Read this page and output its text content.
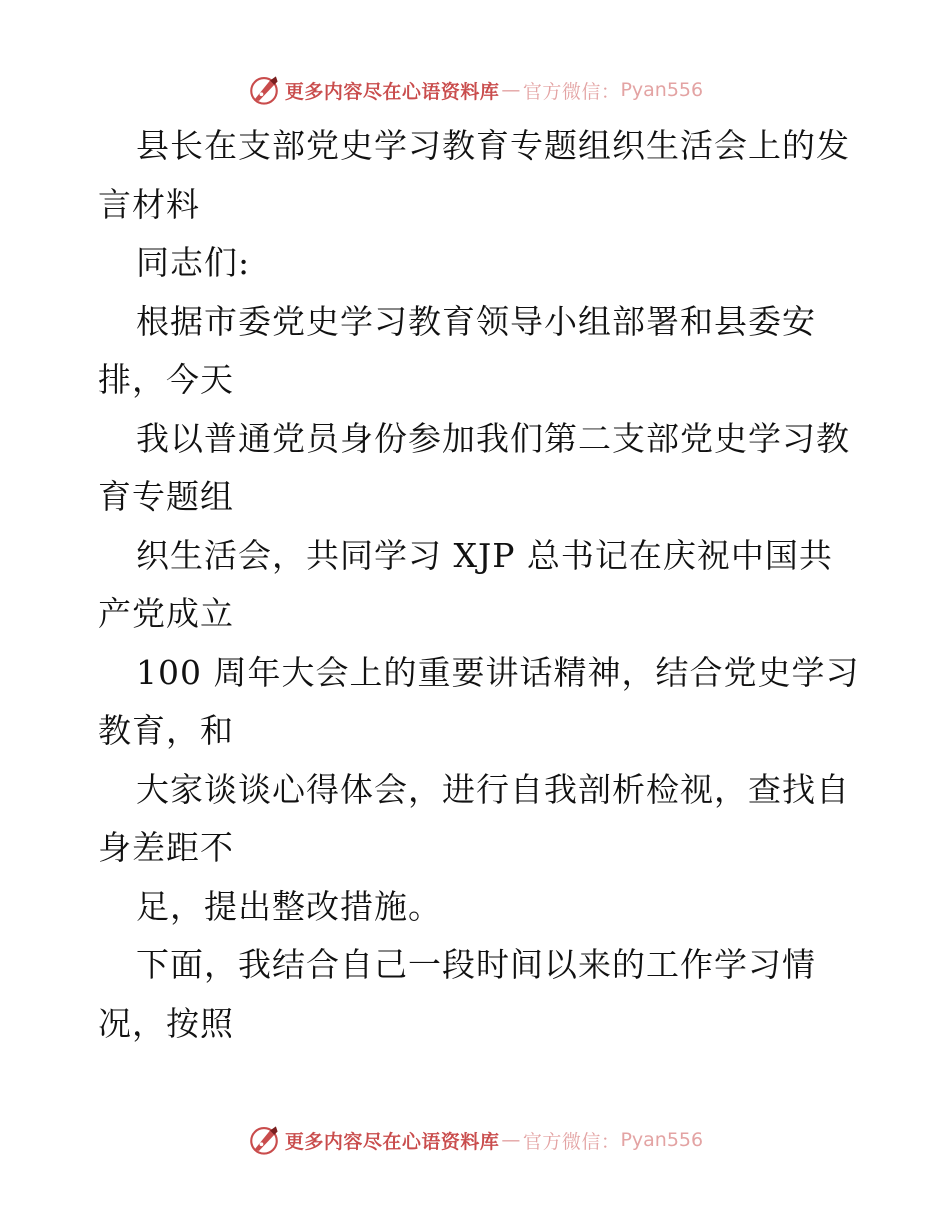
更多内容尽在心语资料库 — 官方微信： Pyan556
县长在支部党史学习教育专题组织生活会上的发
言材料
同志们:
根据市委党史学习教育领导小组部署和县委安
排，今天
我以普通党员身份参加我们第二支部党史学习教
育专题组
织生活会，共同学习 XJP 总书记在庆祝中国共
产党成立
100 周年大会上的重要讲话精神，结合党史学习
教育，和
大家谈谈心得体会，进行自我剖析检视，查找自
身差距不
足，提出整改措施。
下面，我结合自己一段时间以来的工作学习情
况，按照
更多内容尽在心语资料库 — 官方微信： Pyan556
